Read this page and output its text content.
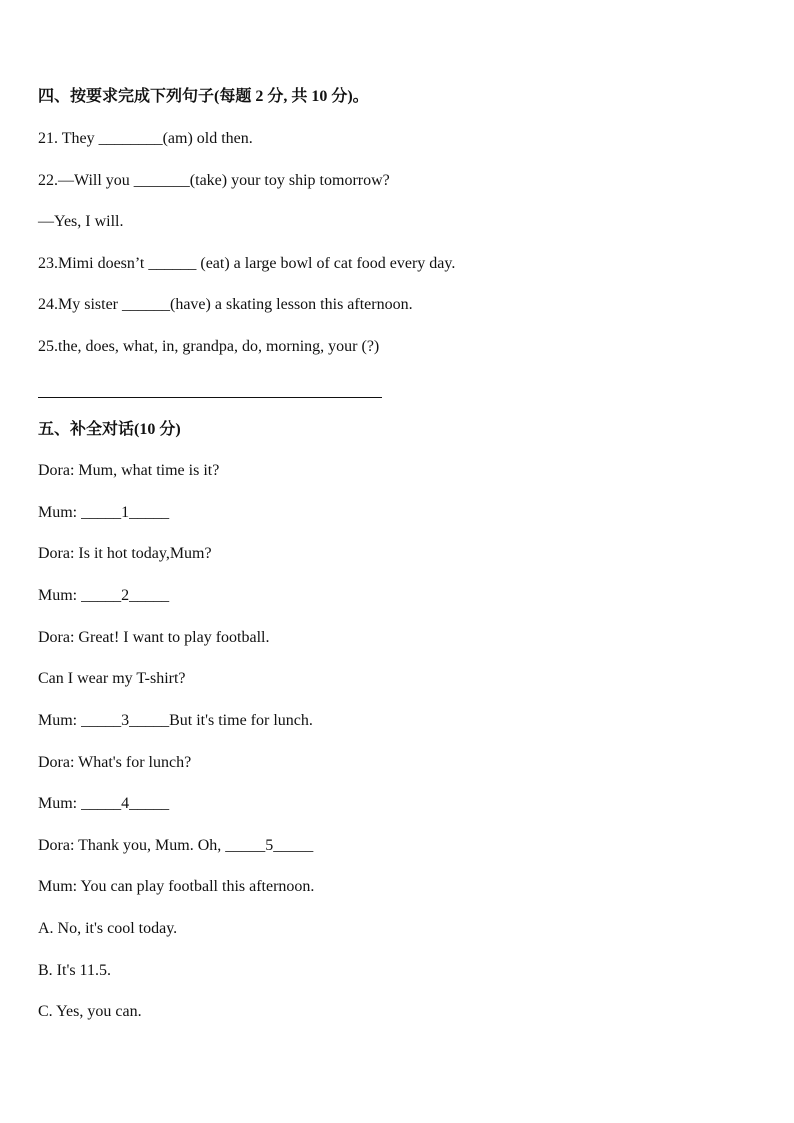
四、按要求完成下列句子(每题 2 分, 共 10 分)。
21. They ________(am) old then.
22.—Will you _______(take) your toy ship tomorrow?
—Yes, I will.
23.Mimi doesn’t ______ (eat) a large bowl of cat food every day.
24.My sister ______(have) a skating lesson this afternoon.
25.the, does, what, in, grandpa, do, morning, your (?)
五、补全对话(10 分)
Dora: Mum, what time is it?
Mum: _____1_____
Dora: Is it hot today,Mum?
Mum: _____2_____
Dora: Great! I want to play football.
Can I wear my T-shirt?
Mum: _____3_____But it's time for lunch.
Dora: What's for lunch?
Mum: _____4_____
Dora: Thank you, Mum. Oh, _____5_____
Mum: You can play football this afternoon.
A. No, it's cool today.
B. It's 11.5.
C. Yes, you can.
